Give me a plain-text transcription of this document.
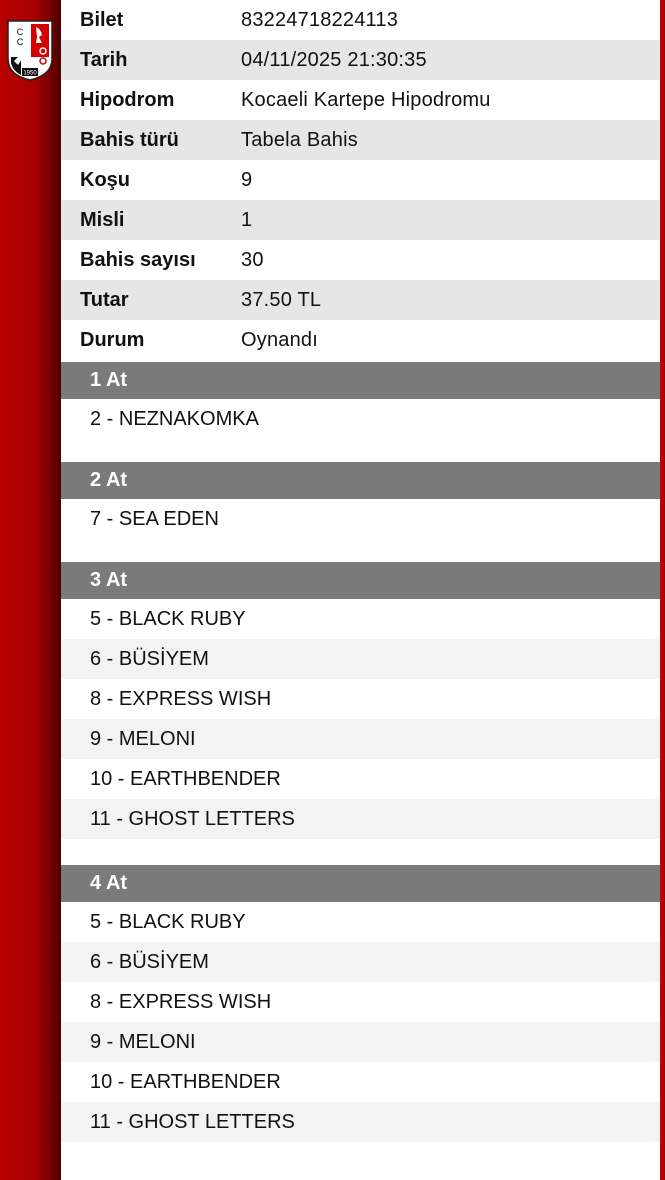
C
C
1950
Bilet	83224718224113
Tarih	04/11/2025 21:30:35
Hipodrom	Kocaeli Kartepe Hipodromu
Bahis türü	Tabela Bahis
Koşu	9
Misli	1
Bahis sayısı	30
Tutar	37.50 TL
Durum	Oynandı
1 At
2 - NEZNAKOMKA
2 At
7 - SEA EDEN
3 At
5 - BLACK RUBY
6 - BÜSİYEM
8 - EXPRESS WISH
9 - MELONI
10 - EARTHBENDER
11 - GHOST LETTERS
4 At
5 - BLACK RUBY
6 - BÜSİYEM
8 - EXPRESS WISH
9 - MELONI
10 - EARTHBENDER
11 - GHOST LETTERS
